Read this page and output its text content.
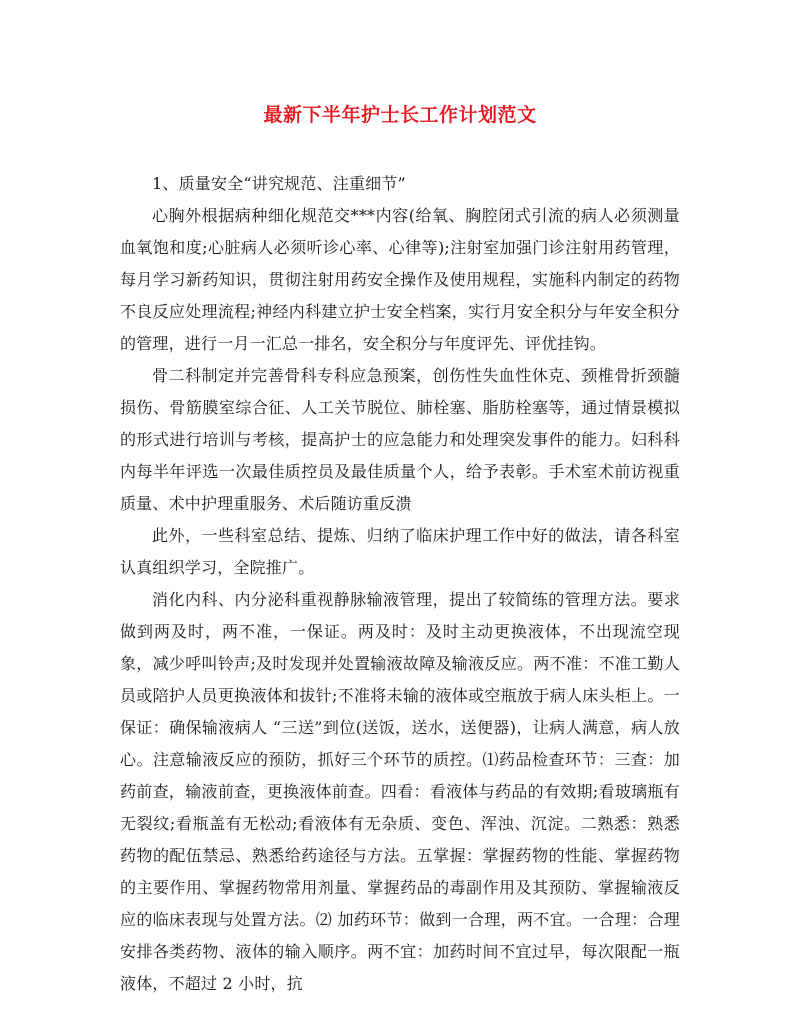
最新下半年护士长工作计划范文

1、质量安全“讲究规范、注重细节”

心胸外根据病种细化规范交***内容(给氧、胸腔闭式引流的病人必须测量血氧饱和度;心脏病人必须听诊心率、心律等);注射室加强门诊注射用药管理，每月学习新药知识，贯彻注射用药安全操作及使用规程，实施科内制定的药物不良反应处理流程;神经内科建立护士安全档案，实行月安全积分与年安全积分的管理，进行一月一汇总一排名，安全积分与年度评先、评优挂钩。

骨二科制定并完善骨科专科应急预案，创伤性失血性休克、颈椎骨折颈髓损伤、骨筋膜室综合征、人工关节脱位、肺栓塞、脂肪栓塞等，通过情景模拟的形式进行培训与考核，提高护士的应急能力和处理突发事件的能力。妇科科内每半年评选一次最佳质控员及最佳质量个人，给予表彰。手术室术前访视重质量、术中护理重服务、术后随访重反溃

此外，一些科室总结、提炼、归纳了临床护理工作中好的做法，请各科室认真组织学习，全院推广。

消化内科、内分泌科重视静脉输液管理，提出了较简练的管理方法。要求做到两及时，两不准，一保证。两及时：及时主动更换液体，不出现流空现象，减少呼叫铃声;及时发现并处置输液故障及输液反应。两不准：不准工勤人员或陪护人员更换液体和拔针;不准将未输的液体或空瓶放于病人床头柜上。一保证：确保输液病人 “三送”到位(送饭，送水，送便器)，让病人满意，病人放心。注意输液反应的预防，抓好三个环节的质控。⑴药品检查环节：三查：加药前查，输液前查，更换液体前查。四看：看液体与药品的有效期;看玻璃瓶有无裂纹;看瓶盖有无松动;看液体有无杂质、变色、浑浊、沉淀。二熟悉：熟悉药物的配伍禁忌、熟悉给药途径与方法。五掌握：掌握药物的性能、掌握药物的主要作用、掌握药物常用剂量、掌握药品的毒副作用及其预防、掌握输液反应的临床表现与处置方法。⑵ 加药环节：做到一合理，两不宜。一合理：合理安排各类药物、液体的输入顺序。两不宜：加药时间不宜过早，每次限配一瓶液体，不超过 2 小时，抗
